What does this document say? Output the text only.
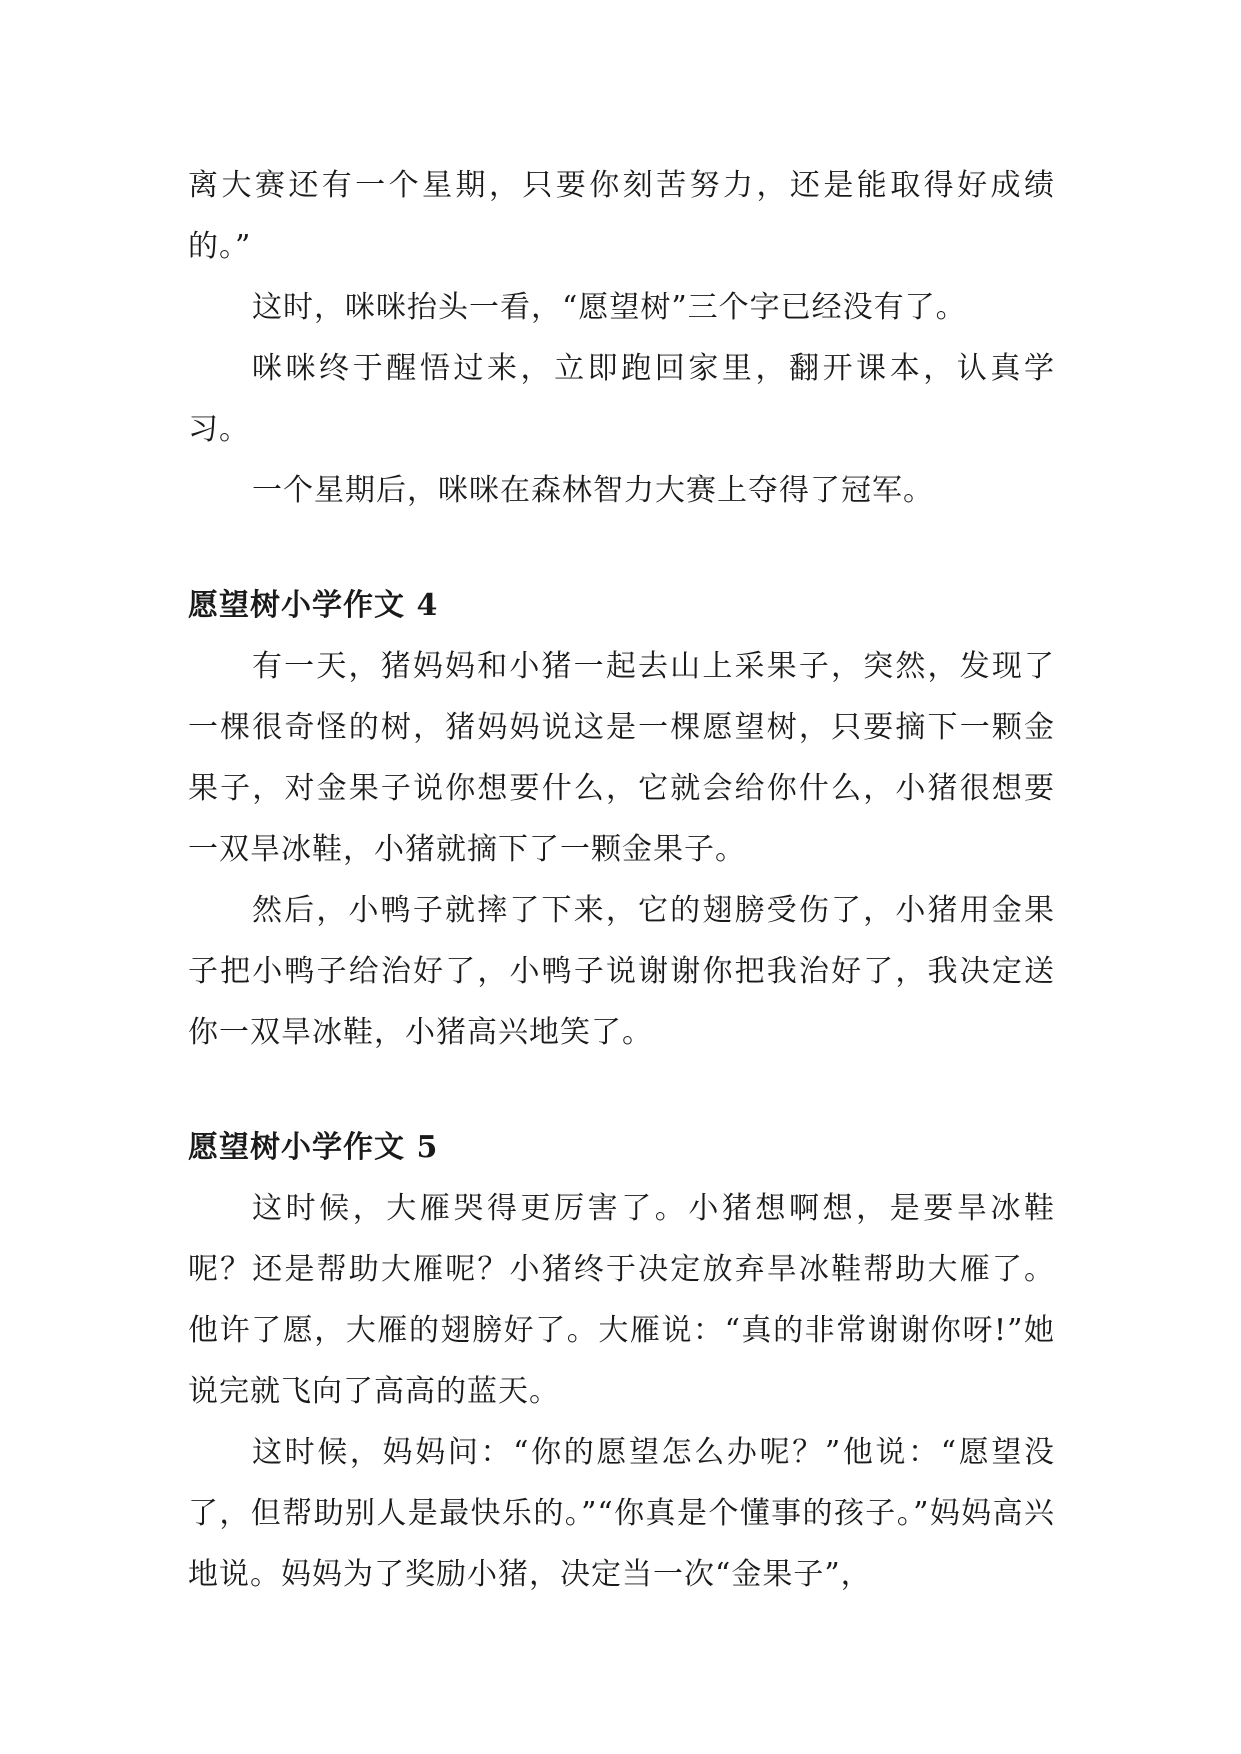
离大赛还有一个星期，只要你刻苦努力，还是能取得好成绩的。”

这时，咪咪抬头一看，“愿望树”三个字已经没有了。

咪咪终于醒悟过来，立即跑回家里，翻开课本，认真学习。

一个星期后，咪咪在森林智力大赛上夺得了冠军。

愿望树小学作文 4

有一天，猪妈妈和小猪一起去山上采果子，突然，发现了一棵很奇怪的树，猪妈妈说这是一棵愿望树，只要摘下一颗金果子，对金果子说你想要什么，它就会给你什么，小猪很想要一双旱冰鞋，小猪就摘下了一颗金果子。

然后，小鸭子就摔了下来，它的翅膀受伤了，小猪用金果子把小鸭子给治好了，小鸭子说谢谢你把我治好了，我决定送你一双旱冰鞋，小猪高兴地笑了。

愿望树小学作文 5

这时候，大雁哭得更厉害了。小猪想啊想，是要旱冰鞋呢？还是帮助大雁呢？小猪终于决定放弃旱冰鞋帮助大雁了。他许了愿，大雁的翅膀好了。大雁说：“真的非常谢谢你呀!”她说完就飞向了高高的蓝天。

这时候，妈妈问：“你的愿望怎么办呢？”他说：“愿望没了，但帮助别人是最快乐的。”“你真是个懂事的孩子。”妈妈高兴地说。妈妈为了奖励小猪，决定当一次“金果子”，
